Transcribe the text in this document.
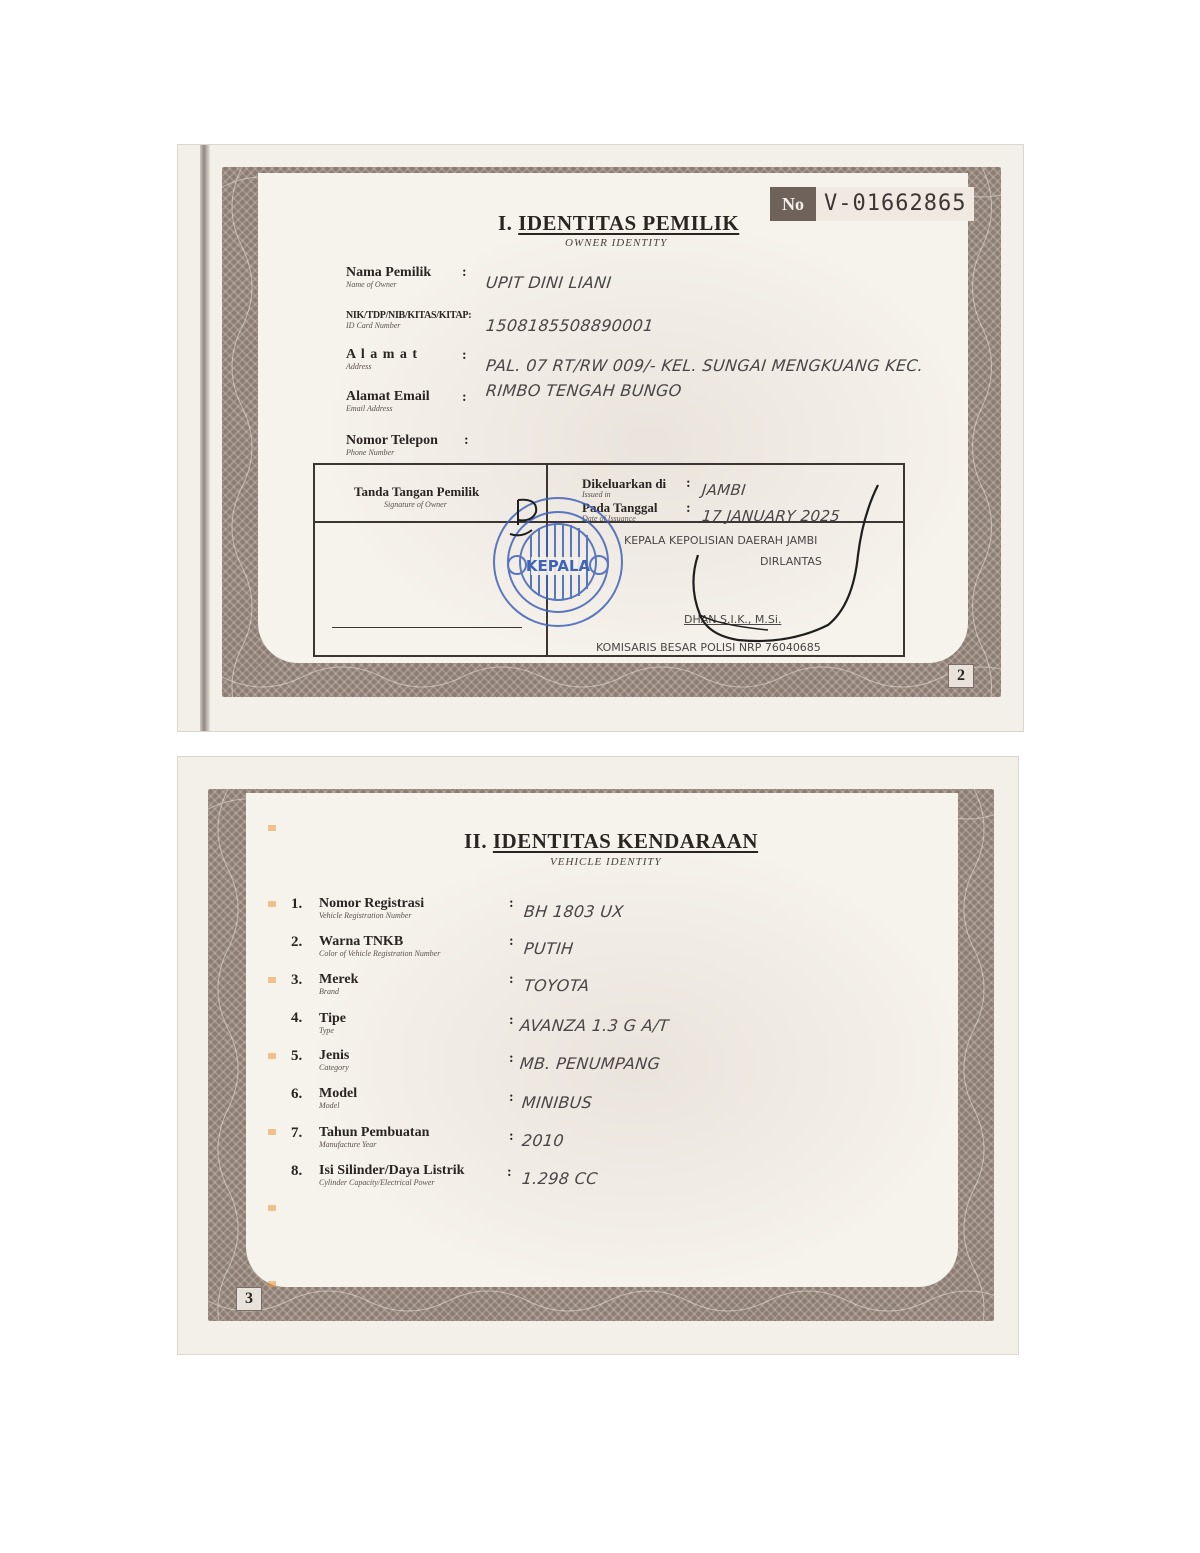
No V-01662865
I. IDENTITAS PEMILIK
OWNER IDENTITY
Nama Pemilik
Name of Owner
:
UPIT DINI LIANI
NIK/TDP/NIB/KITAS/KITAP:
ID Card Number	1508185508890001
A l a m a t
Address
:
PAL. 07 RT/RW 009/- KEL. SUNGAI MENGKUANG KEC.
RIMBO TENGAH BUNGO
Alamat Email
Email Address
:
Nomor Telepon
Phone Number
:
Tanda Tangan Pemilik
Signature of Owner
Dikeluarkan di
Issued in
: JAMBI
Pada Tanggal
Date of Issuance
: 17 JANUARY 2025
KEPALA KEPOLISIAN DAERAH JAMBI
DIRLANTAS
DHAN S.I.K., M.Si.
KOMISARIS BESAR POLISI NRP 76040685
KEPALA
2
II. IDENTITAS KENDARAAN
VEHICLE IDENTITY
1. Nomor Registrasi
Vehicle Registration Number
: BH 1803 UX
2. Warna TNKB
Color of Vehicle Registration Number
: PUTIH
3. Merek
Brand
: TOYOTA
4. Tipe
Type
: AVANZA 1.3 G A/T
5. Jenis
Category
: MB. PENUMPANG
6. Model
Model
: MINIBUS
7. Tahun Pembuatan
Manufacture Year
: 2010
8. Isi Silinder/Daya Listrik
Cylinder Capacity/Electrical Power
: 1.298 CC
3
